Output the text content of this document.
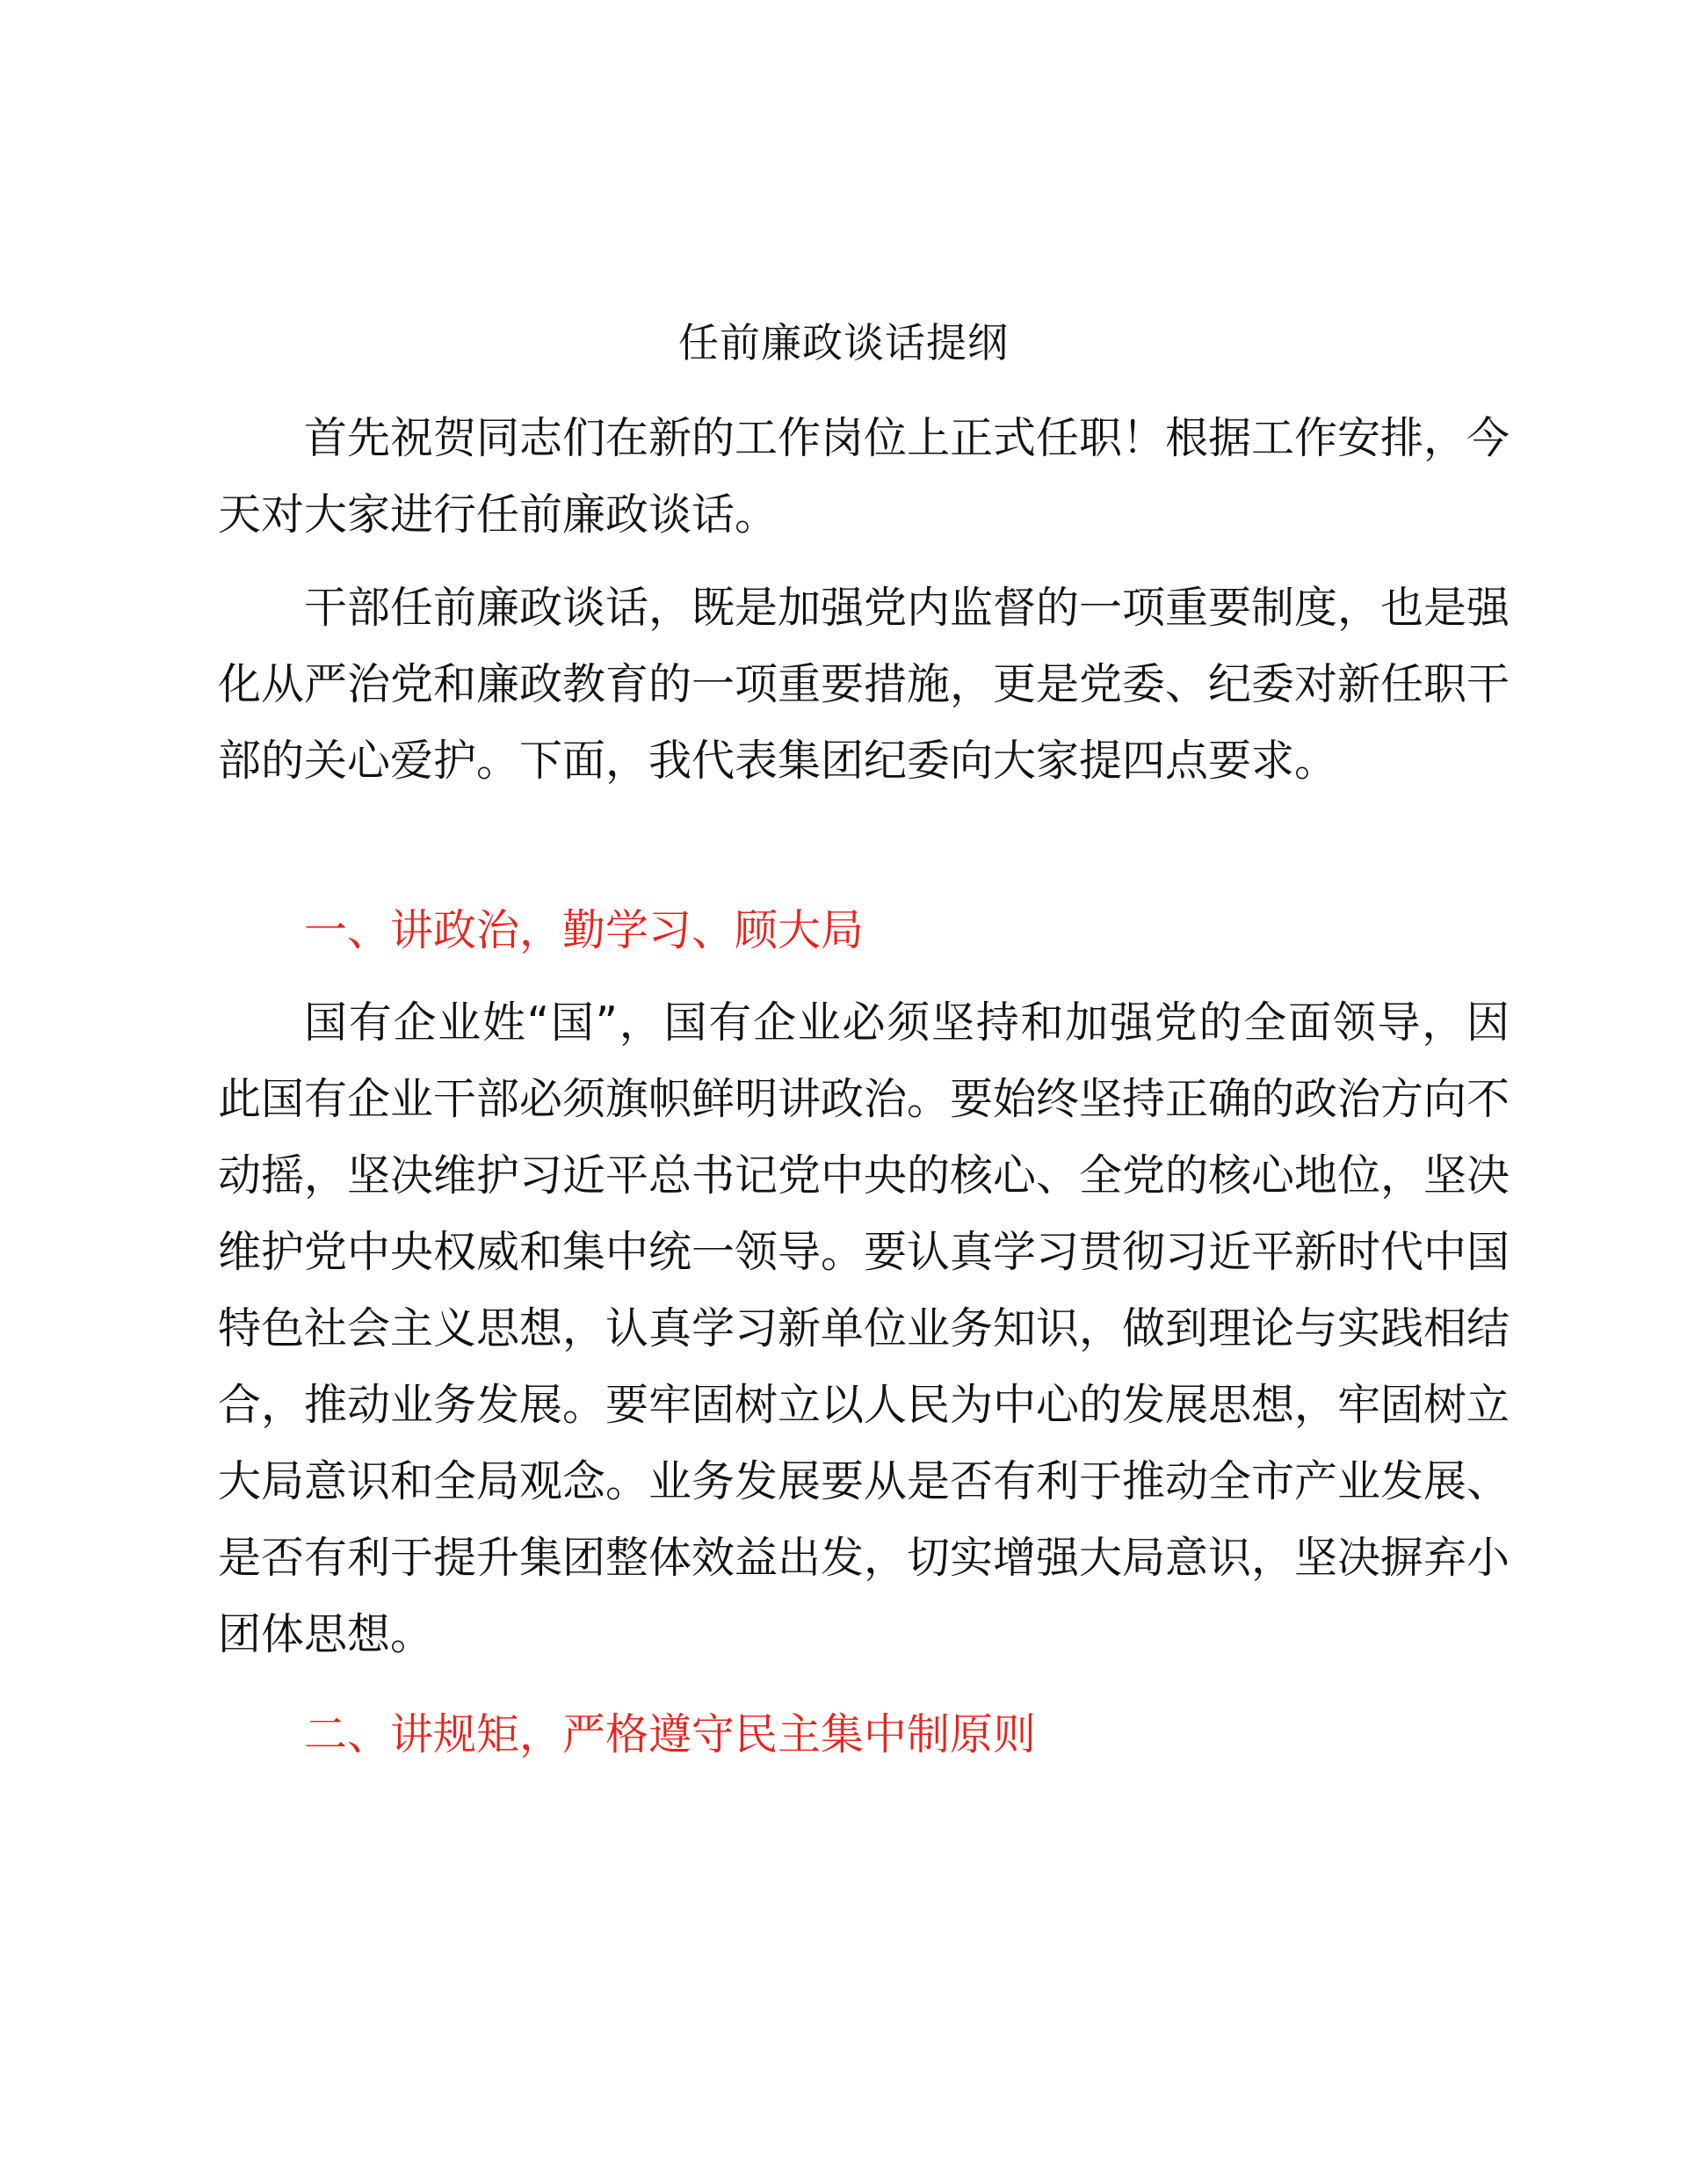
任前廉政谈话提纲

首先祝贺同志们在新的工作岗位上正式任职！根据工作安排，今天对大家进行任前廉政谈话。

干部任前廉政谈话，既是加强党内监督的一项重要制度，也是强化从严治党和廉政教育的一项重要措施，更是党委、纪委对新任职干部的关心爱护。下面，我代表集团纪委向大家提四点要求。

一、讲政治，勤学习、顾大局

国有企业姓“国”，国有企业必须坚持和加强党的全面领导，因此国有企业干部必须旗帜鲜明讲政治。要始终坚持正确的政治方向不动摇，坚决维护习近平总书记党中央的核心、全党的核心地位，坚决维护党中央权威和集中统一领导。要认真学习贯彻习近平新时代中国特色社会主义思想，认真学习新单位业务知识，做到理论与实践相结合，推动业务发展。要牢固树立以人民为中心的发展思想，牢固树立大局意识和全局观念。业务发展要从是否有利于推动全市产业发展、是否有利于提升集团整体效益出发，切实增强大局意识，坚决摒弃小团体思想。

二、讲规矩，严格遵守民主集中制原则
